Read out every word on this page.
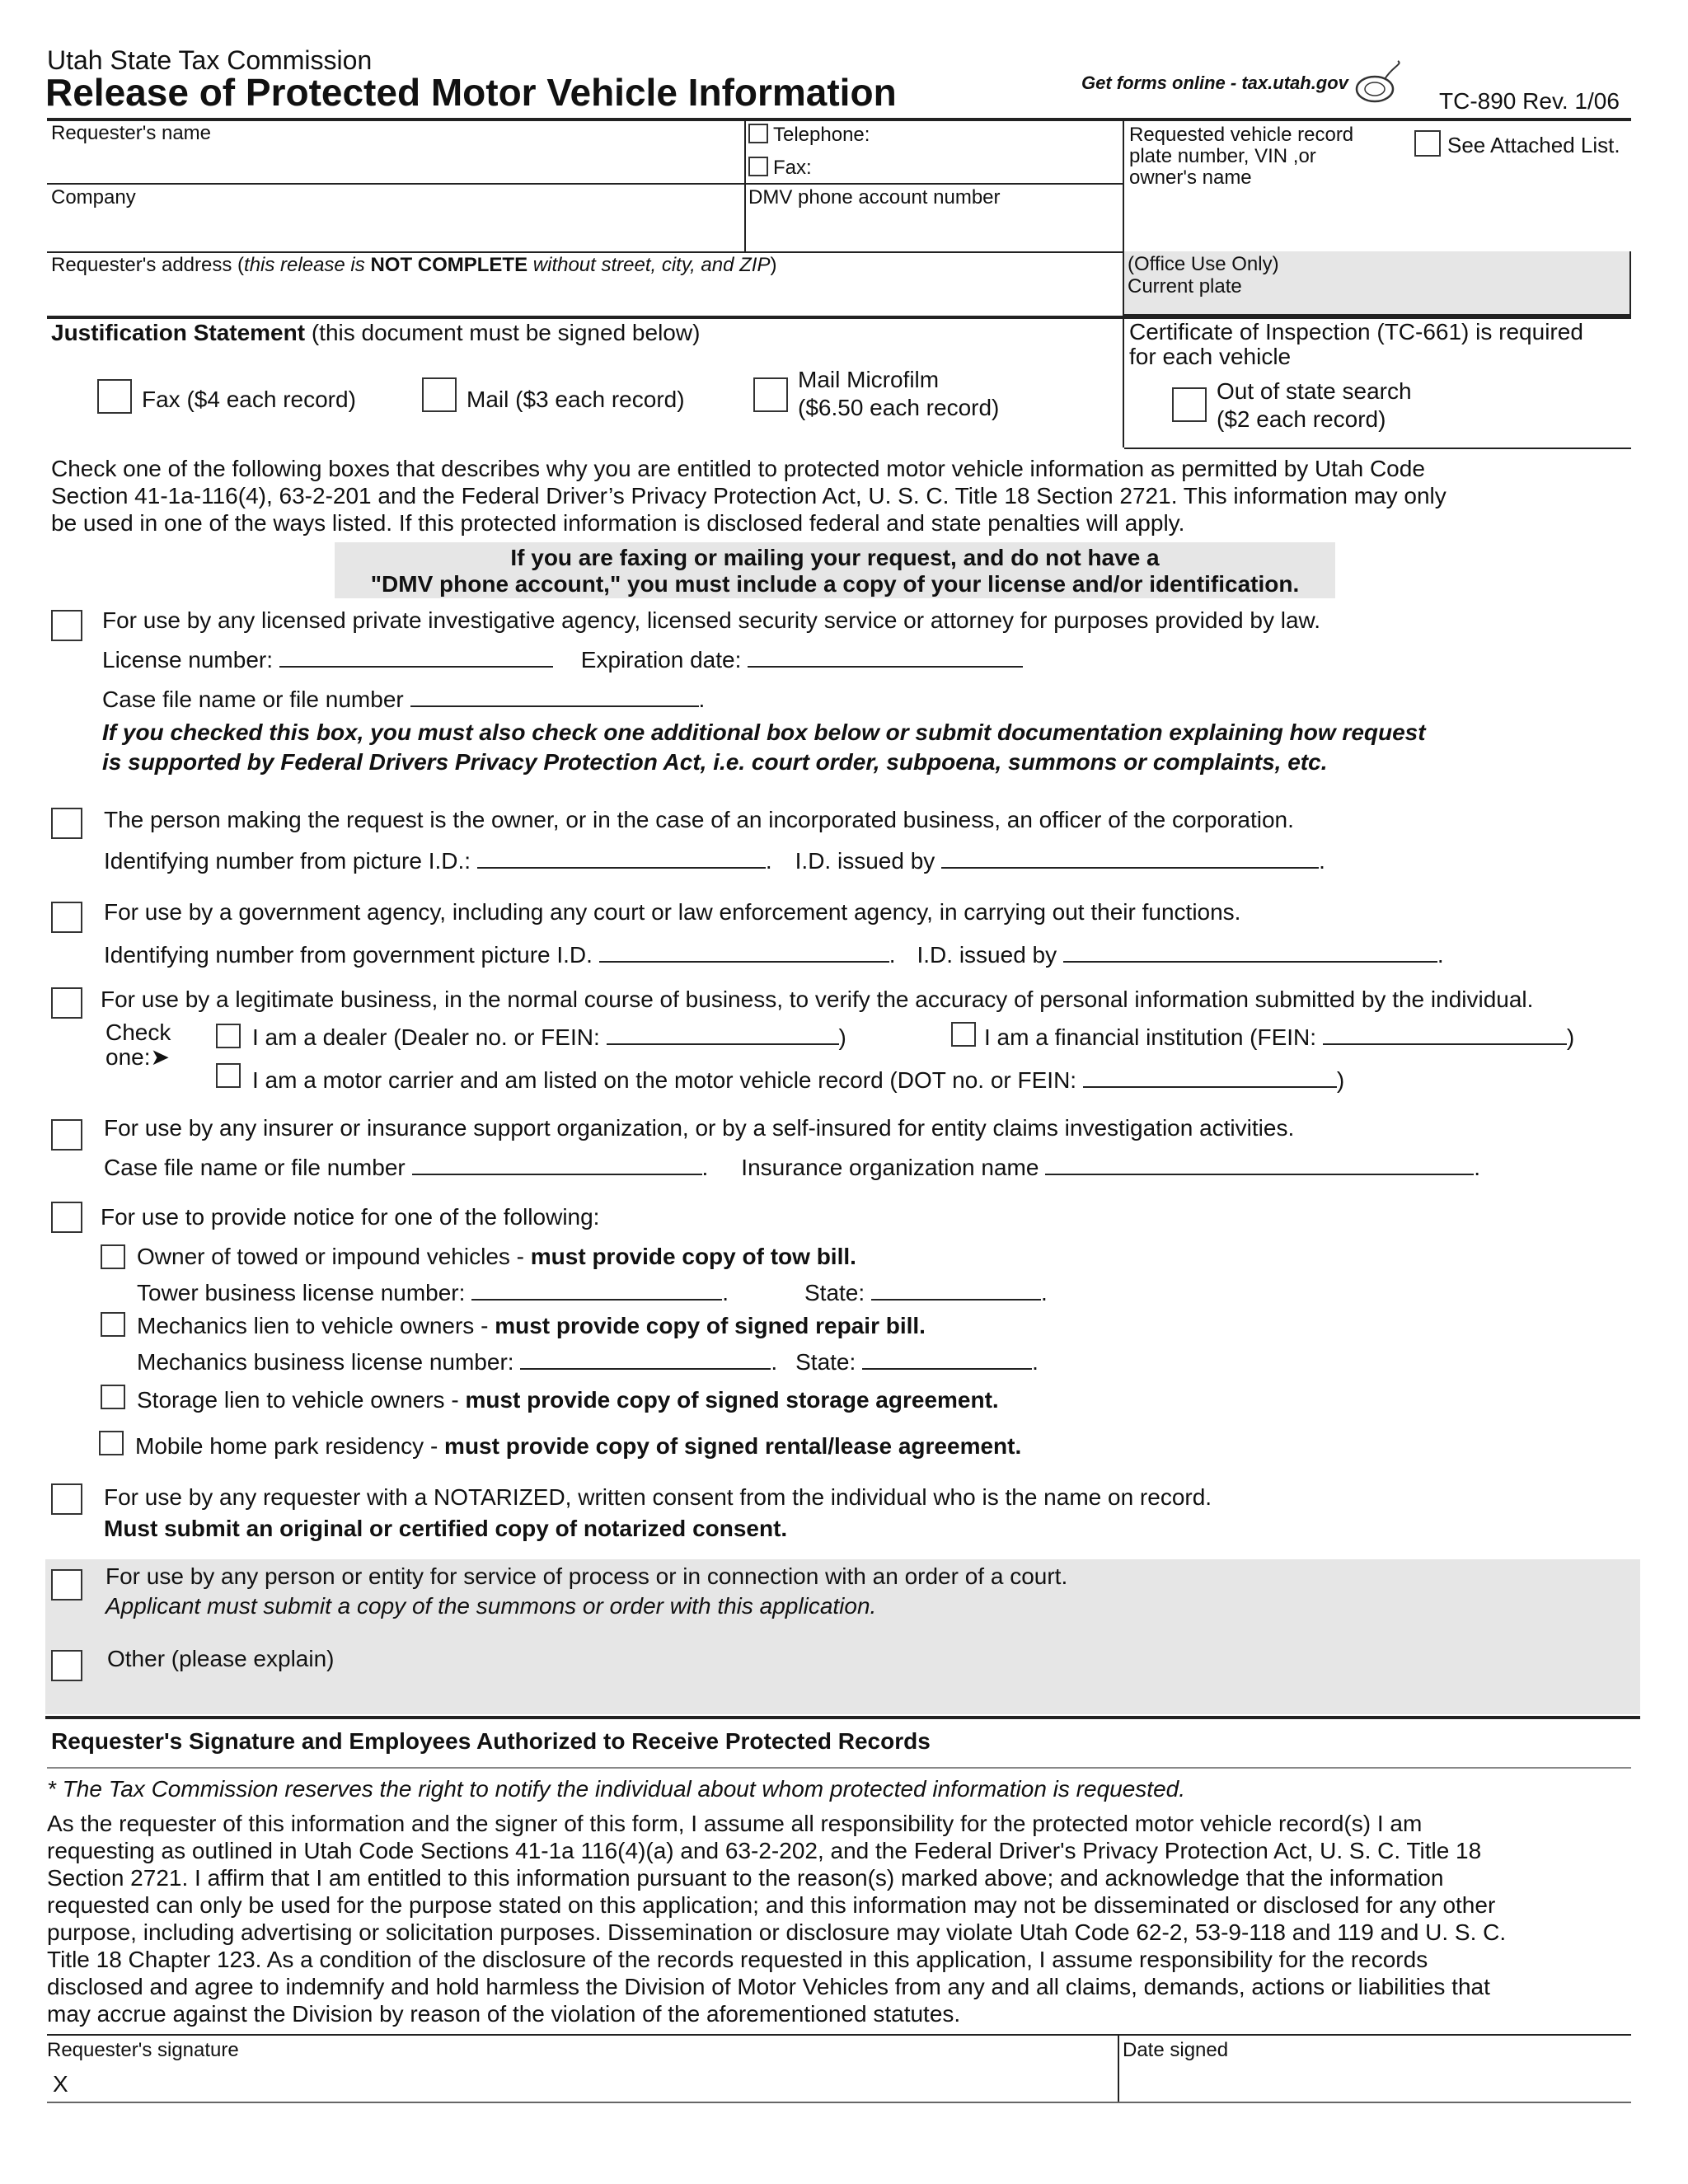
Utah State Tax Commission
Release of Protected Motor Vehicle Information	Get forms online - tax.utah.gov
TC-890 Rev. 1/06
Requester's name	Telephone:
Fax:
Requested vehicle record
plate number, VIN ,or
owner's name
See Attached List.
Company	DMV phone account number
Requester's address (this release is NOT COMPLETE without street, city, and ZIP)	(Office Use Only)
Current plate
Justification Statement (this document must be signed below)	Certificate of Inspection (TC-661) is required
for each vehicle
Fax ($4 each record)	Mail ($3 each record)
Mail Microfilm
($6.50 each record)
Out of state search
($2 each record)
Check one of the following boxes that describes why you are entitled to protected motor vehicle information as permitted by Utah Code
Section 41-1a-116(4), 63-2-201 and the Federal Driver’s Privacy Protection Act, U. S. C. Title 18 Section 2721. This information may only
be used in one of the ways listed. If this protected information is disclosed federal and state penalties will apply.
If you are faxing or mailing your request, and do not have a
"DMV phone account," you must include a copy of your license and/or identification.
For use by any licensed private investigative agency, licensed security service or attorney for purposes provided by law.
License number:	Expiration date:
Case file name or file number	.
If you checked this box, you must also check one additional box below or submit documentation explaining how request
is supported by Federal Drivers Privacy Protection Act, i.e. court order, subpoena, summons or complaints, etc.
The person making the request is the owner, or in the case of an incorporated business, an officer of the corporation.
Identifying number from picture I.D.:	. I.D. issued by	.
For use by a government agency, including any court or law enforcement agency, in carrying out their functions.
Identifying number from government picture I.D.	. I.D. issued by	.
For use by a legitimate business, in the normal course of business, to verify the accuracy of personal information submitted by the individual.
Check
one:➤
I am a dealer (Dealer no. or FEIN:	)	I am a financial institution (FEIN:	)
I am a motor carrier and am listed on the motor vehicle record (DOT no. or FEIN:	)
For use by any insurer or insurance support organization, or by a self-insured for entity claims investigation activities.
Case file name or file number	. Insurance organization name	.
For use to provide notice for one of the following:
Owner of towed or impound vehicles - must provide copy of tow bill.
Tower business license number:	.	State:	.
Mechanics lien to vehicle owners - must provide copy of signed repair bill.
Mechanics business license number:	. State:	.
Storage lien to vehicle owners - must provide copy of signed storage agreement.
Mobile home park residency - must provide copy of signed rental/lease agreement.
For use by any requester with a NOTARIZED, written consent from the individual who is the name on record.
Must submit an original or certified copy of notarized consent.
For use by any person or entity for service of process or in connection with an order of a court.
Applicant must submit a copy of the summons or order with this application.
Other (please explain)
Requester's Signature and Employees Authorized to Receive Protected Records
* The Tax Commission reserves the right to notify the individual about whom protected information is requested.
As the requester of this information and the signer of this form, I assume all responsibility for the protected motor vehicle record(s) I am
requesting as outlined in Utah Code Sections 41-1a 116(4)(a) and 63-2-202, and the Federal Driver's Privacy Protection Act, U. S. C. Title 18
Section 2721. I affirm that I am entitled to this information pursuant to the reason(s) marked above; and acknowledge that the information
requested can only be used for the purpose stated on this application; and this information may not be disseminated or disclosed for any other
purpose, including advertising or solicitation purposes. Dissemination or disclosure may violate Utah Code 62-2, 53-9-118 and 119 and U. S. C.
Title 18 Chapter 123. As a condition of the disclosure of the records requested in this application, I assume responsibility for the records
disclosed and agree to indemnify and hold harmless the Division of Motor Vehicles from any and all claims, demands, actions or liabilities that
may accrue against the Division by reason of the violation of the aforementioned statutes.
Requester's signature
X
Date signed
